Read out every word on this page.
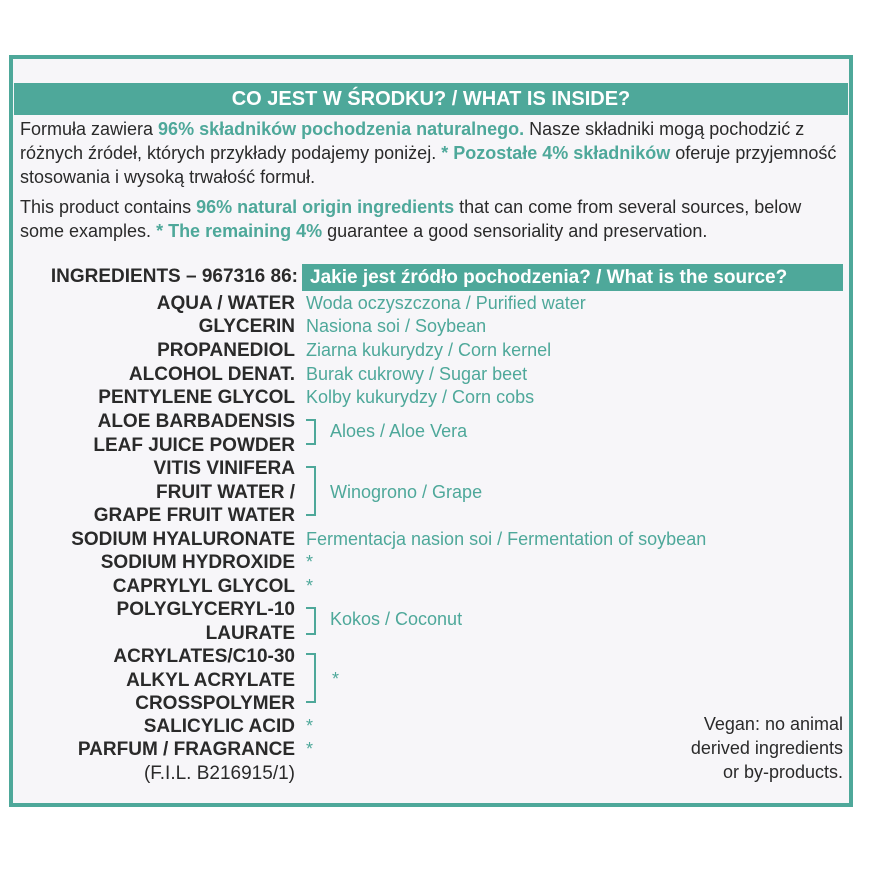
CO JEST W ŚRODKU? / WHAT IS INSIDE?

Formuła zawiera 96% składników pochodzenia naturalnego. Nasze składniki mogą pochodzić z różnych źródeł, których przykłady podajemy poniżej. * Pozostałe 4% składników oferuje przyjemność stosowania i wysoką trwałość formuł.

This product contains 96% natural origin ingredients that can come from several sources, below some examples. * The remaining 4% guarantee a good sensoriality and preservation.

INGREDIENTS – 967316 86: Jakie jest źródło pochodzenia? / What is the source?
AQUA / WATER
GLYCERIN
PROPANEDIOL
ALCOHOL DENAT.
PENTYLENE GLYCOL
ALOE BARBADENSIS
LEAF JUICE POWDER
VITIS VINIFERA
FRUIT WATER /
GRAPE FRUIT WATER
SODIUM HYALURONATE
SODIUM HYDROXIDE
CAPRYLYL GLYCOL
POLYGLYCERYL-10
LAURATE
ACRYLATES/C10-30
ALKYL ACRYLATE
CROSSPOLYMER
SALICYLIC ACID
PARFUM / FRAGRANCE
(F.I.L. B216915/1)
Woda oczyszczona / Purified water
Nasiona soi / Soybean
Ziarna kukurydzy / Corn kernel
Burak cukrowy / Sugar beet
Kolby kukurydzy / Corn cobs
Aloes / Aloe Vera
Winogrono / Grape
Fermentacja nasion soi / Fermentation of soybean
*
*
Kokos / Coconut
*
*
*

Vegan: no animal
derived ingredients
or by-products.
